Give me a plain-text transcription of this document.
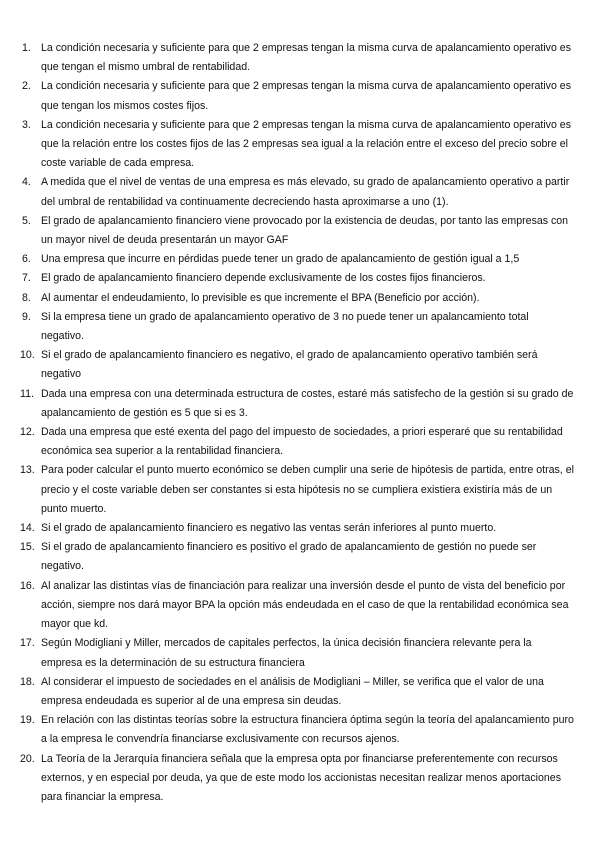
1. La condición necesaria y suficiente para que 2 empresas tengan la misma curva de apalancamiento operativo es que tengan el mismo umbral de rentabilidad.
2. La condición necesaria y suficiente para que 2 empresas tengan la misma curva de apalancamiento operativo es que tengan los mismos costes fijos.
3. La condición necesaria y suficiente para que 2 empresas tengan la misma curva de apalancamiento operativo es que la relación entre los costes fijos de las 2 empresas sea igual a la relación entre el exceso del precio sobre el coste variable de cada empresa.
4. A medida que el nivel de ventas de una empresa es más elevado, su grado de apalancamiento operativo a partir del umbral de rentabilidad va continuamente decreciendo hasta aproximarse a uno (1).
5. El grado de apalancamiento financiero viene provocado por la existencia de deudas, por tanto las empresas con un mayor nivel de deuda presentarán un mayor GAF
6. Una empresa que incurre en pérdidas puede tener un grado de apalancamiento de gestión igual a 1,5
7. El grado de apalancamiento financiero depende exclusivamente de los costes fijos financieros.
8. Al aumentar el endeudamiento, lo previsible es que incremente el BPA (Beneficio por acción).
9. Si la empresa tiene un grado de apalancamiento operativo de 3 no puede tener un apalancamiento total negativo.
10. Si el grado de apalancamiento financiero es negativo, el grado de apalancamiento operativo también será negativo
11. Dada una empresa con una determinada estructura de costes, estaré más satisfecho de la gestión si su grado de apalancamiento de gestión es 5 que si es 3.
12. Dada una empresa que esté exenta del pago del impuesto de sociedades, a priori esperaré que su rentabilidad económica sea superior a la rentabilidad financiera.
13. Para poder calcular el punto muerto económico se deben cumplir una serie de hipótesis de partida, entre otras, el precio y el coste variable deben ser constantes si esta hipótesis no se cumpliera existiera existiría más de un punto muerto.
14. Si el grado de apalancamiento financiero es negativo las ventas serán inferiores al punto muerto.
15. Si el grado de apalancamiento financiero es positivo el grado de apalancamiento de gestión no puede ser negativo.
16. Al analizar las distintas vías de financiación para realizar una inversión desde el punto de vista del beneficio por acción, siempre nos dará mayor BPA la opción más endeudada en el caso de que la rentabilidad económica sea mayor que kd.
17. Según Modigliani y Miller, mercados de capitales perfectos, la única decisión financiera relevante pera la empresa es la determinación de su estructura financiera
18. Al considerar el impuesto de sociedades en el análisis de Modigliani – Miller, se verifica que el valor de una empresa endeudada es superior al de una empresa sin deudas.
19. En relación con las distintas teorías sobre la estructura financiera óptima según la teoría del apalancamiento puro a la empresa le convendría financiarse exclusivamente con recursos ajenos.
20. La Teoría de la Jerarquía financiera señala que la empresa opta por financiarse preferentemente con recursos externos, y en especial por deuda, ya que de este modo los accionistas necesitan realizar menos aportaciones para financiar la empresa.
